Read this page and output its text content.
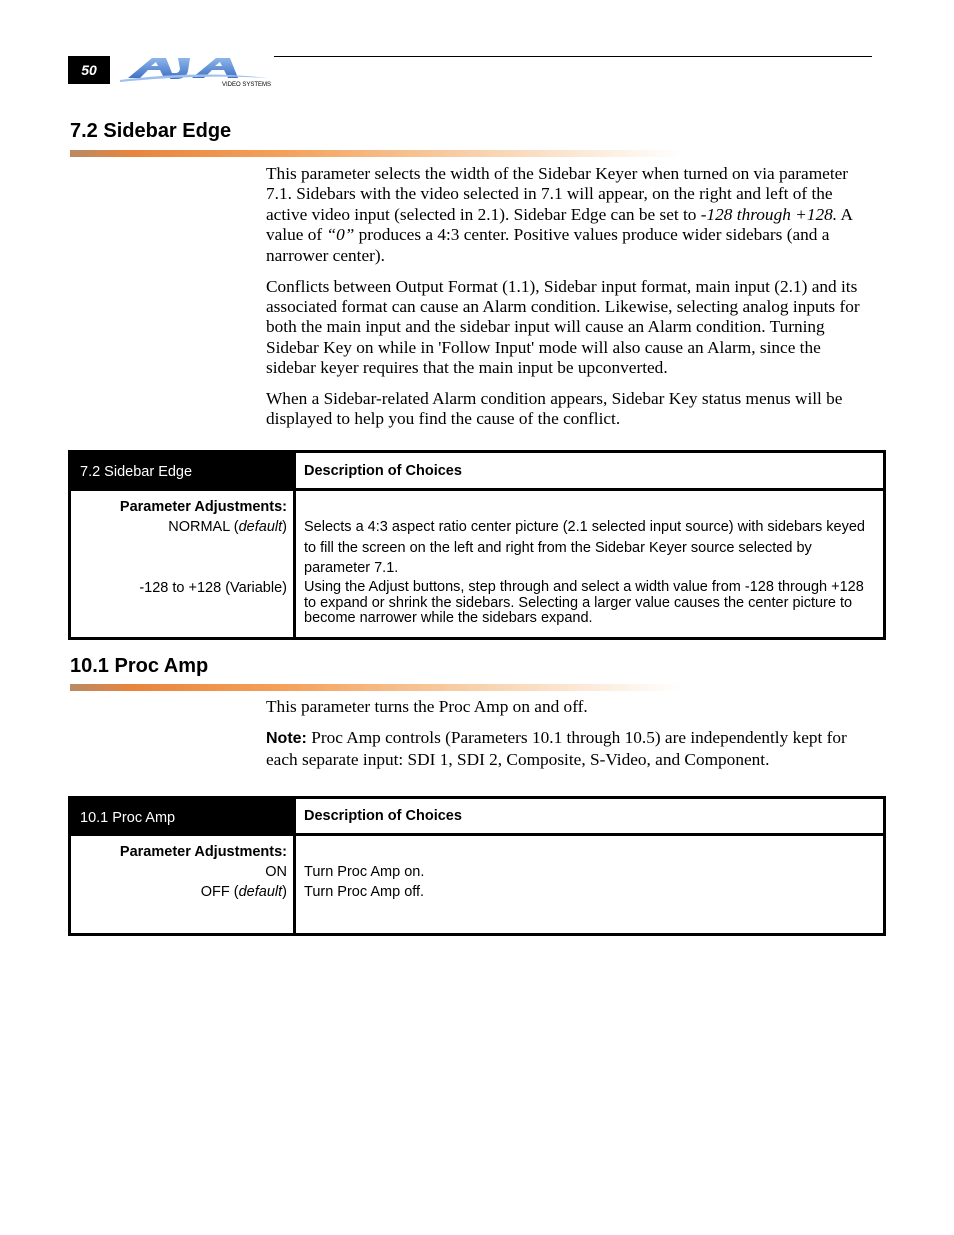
50
VIDEO SYSTEMS
7.2 Sidebar Edge

This parameter selects the width of the Sidebar Keyer when turned on via parameter 7.1. Sidebars with the video selected in 7.1 will appear, on the right and left of the active video input (selected in 2.1). Sidebar Edge can be set to -128 through +128. A value of “0” produces a 4:3 center. Positive values produce wider sidebars (and a narrower center).

Conflicts between Output Format (1.1), Sidebar input format, main input (2.1) and its associated format can cause an Alarm condition. Likewise, selecting analog inputs for both the main input and the sidebar input will cause an Alarm condition. Turning Sidebar Key on while in 'Follow Input' mode will also cause an Alarm, since the sidebar keyer requires that the main input be upconverted.

When a Sidebar-related Alarm condition appears, Sidebar Key status menus will be displayed to help you find the cause of the conflict.

7.2 Sidebar Edge	Description of Choices
Parameter Adjustments:
NORMAL (default)
-128 to +128 (Variable)
Selects a 4:3 aspect ratio center picture (2.1 selected input source) with sidebars keyed to fill the screen on the left and right from the Sidebar Keyer source selected by parameter 7.1.
Using the Adjust buttons, step through and select a width value from -128 through +128 to expand or shrink the sidebars. Selecting a larger value causes the center picture to become narrower while the sidebars expand.
10.1 Proc Amp

This parameter turns the Proc Amp on and off.

Note: Proc Amp controls (Parameters 10.1 through 10.5) are independently kept for each separate input: SDI 1, SDI 2, Composite, S-Video, and Component.

10.1 Proc Amp	Description of Choices
Parameter Adjustments:
ON
OFF (default)
Turn Proc Amp on.
Turn Proc Amp off.
